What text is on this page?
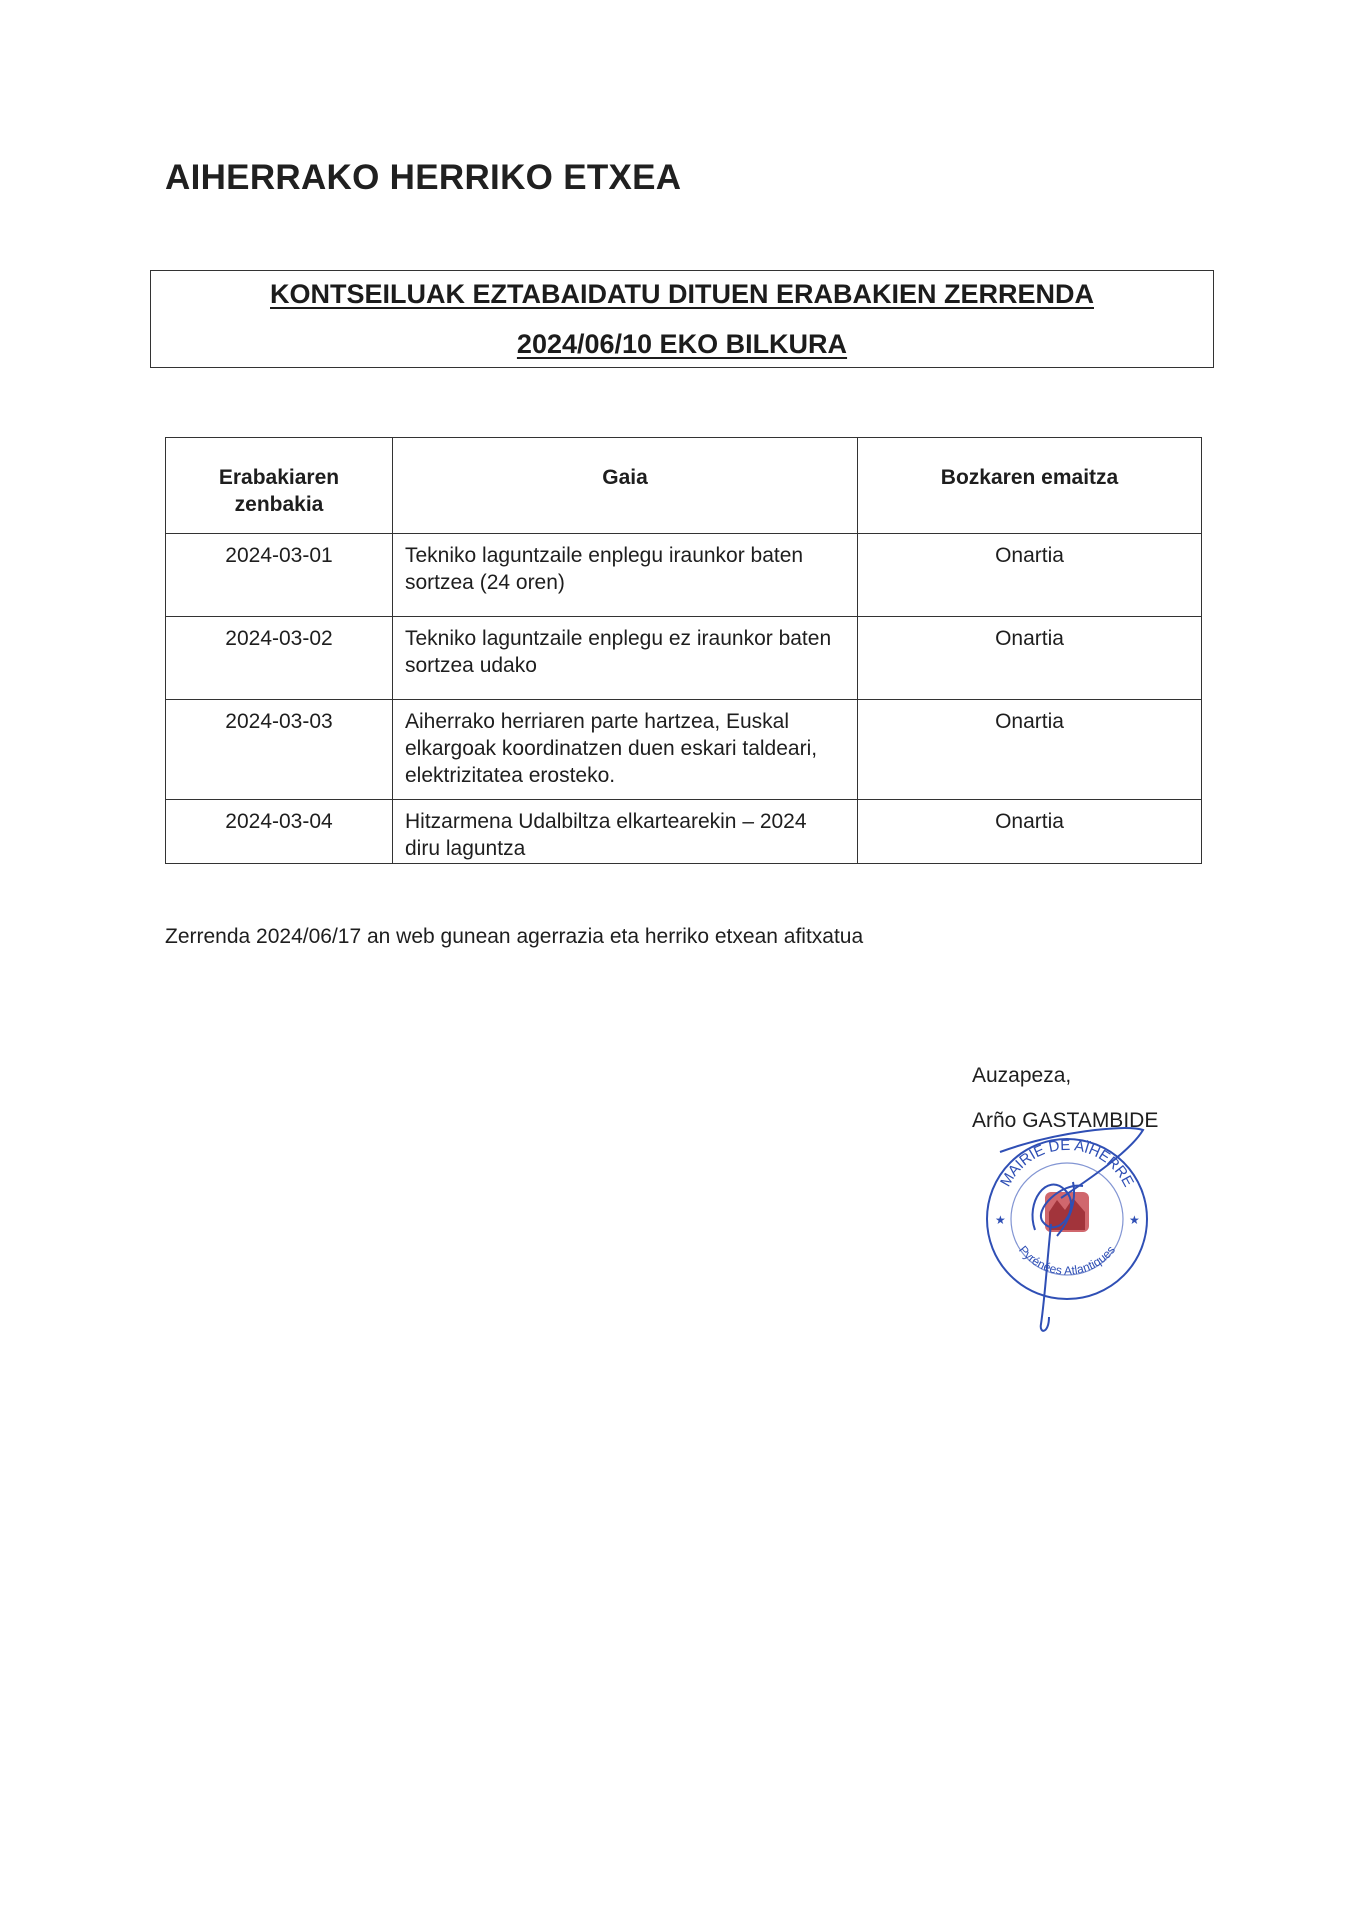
AIHERRAKO HERRIKO ETXEA
KONTSEILUAK EZTABAIDATU DITUEN ERABAKIEN ZERRENDA
2024/06/10 EKO BILKURA
Erabakiaren zenbakia	Gaia	Bozkaren emaitza
2024-03-01	Tekniko laguntzaile enplegu iraunkor baten sortzea (24 oren)	Onartia
2024-03-02	Tekniko laguntzaile enplegu ez iraunkor baten sortzea udako	Onartia
2024-03-03	Aiherrako herriaren parte hartzea, Euskal elkargoak koordinatzen duen eskari taldeari, elektrizitatea erosteko.	Onartia
2024-03-04	Hitzarmena Udalbiltza elkartearekin – 2024 diru laguntza	Onartia
Zerrenda 2024/06/17 an web gunean agerrazia eta herriko etxean afitxatua
Auzapeza,
Arño GASTAMBIDE
MAIRIE DE AÏHERRE
Pyrénées Atlantiques
★	★
